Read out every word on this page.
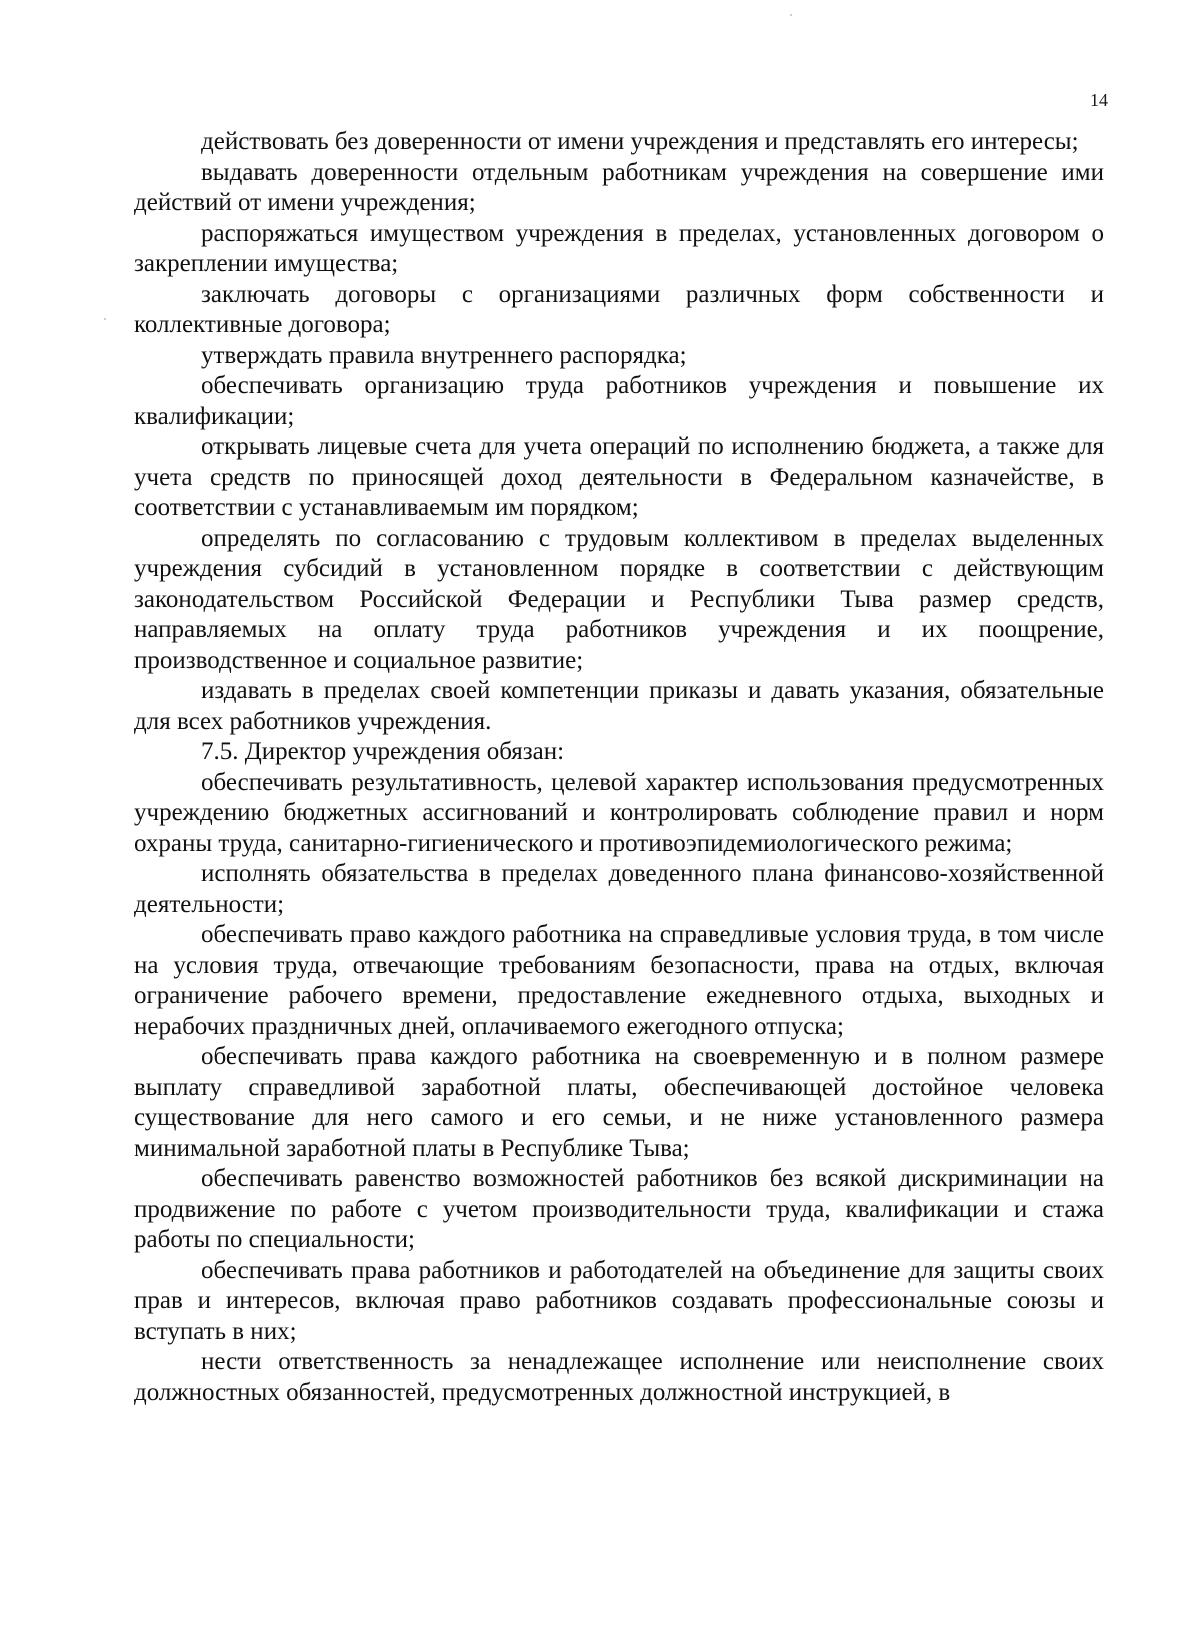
14

действовать без доверенности от имени учреждения и представлять его интересы;

выдавать доверенности отдельным работникам учреждения на совершение ими действий от имени учреждения;

распоряжаться имуществом учреждения в пределах, установленных договором о закреплении имущества;

заключать договоры с организациями различных форм собственности и коллективные договора;

утверждать правила внутреннего распорядка;

обеспечивать организацию труда работников учреждения и повышение их квалификации;

открывать лицевые счета для учета операций по исполнению бюджета, а также для учета средств по приносящей доход деятельности в Федеральном казначействе, в соответствии с устанавливаемым им порядком;

определять по согласованию с трудовым коллективом в пределах выделенных учреждения субсидий в установленном порядке в соответствии с действующим законодательством Российской Федерации и Республики Тыва размер средств, направляемых на оплату труда работников учреждения и их поощрение, производственное и социальное развитие;

издавать в пределах своей компетенции приказы и давать указания, обязательные для всех работников учреждения.

7.5. Директор учреждения обязан:

обеспечивать результативность, целевой характер использования предусмотренных учреждению бюджетных ассигнований и контролировать соблюдение правил и норм охраны труда, санитарно-гигиенического и противоэпидемиологического режима;

исполнять обязательства в пределах доведенного плана финансово-хозяйственной деятельности;

обеспечивать право каждого работника на справедливые условия труда, в том числе на условия труда, отвечающие требованиям безопасности, права на отдых, включая ограничение рабочего времени, предоставление ежедневного отдыха, выходных и нерабочих праздничных дней, оплачиваемого ежегодного отпуска;

обеспечивать права каждого работника на своевременную и в полном размере выплату справедливой заработной платы, обеспечивающей достойное человека существование для него самого и его семьи, и не ниже установленного размера минимальной заработной платы в Республике Тыва;

обеспечивать равенство возможностей работников без всякой дискриминации на продвижение по работе с учетом производительности труда, квалификации и стажа работы по специальности;

обеспечивать права работников и работодателей на объединение для защиты своих прав и интересов, включая право работников создавать профессиональные союзы и вступать в них;

нести ответственность за ненадлежащее исполнение или неисполнение своих должностных обязанностей, предусмотренных должностной инструкцией, в
